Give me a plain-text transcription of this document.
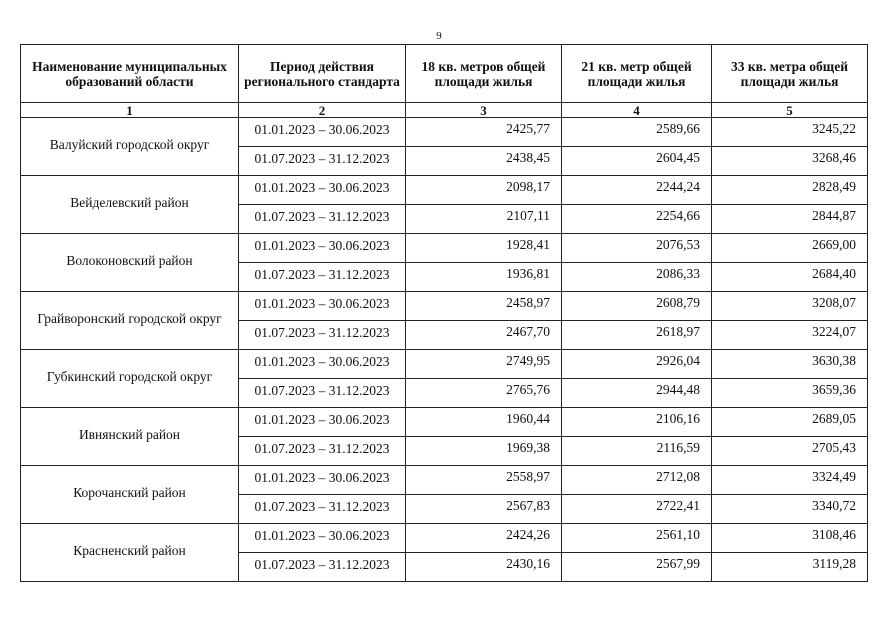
9
Наименование муниципальных образований области	Период действия регионального стандарта	18 кв. метров общей площади жилья	21 кв. метр общей площади жилья	33 кв. метра общей площади жилья
1	2	3	4	5
Валуйский городской округ	01.01.2023 – 30.06.2023	2425,77	2589,66	3245,22
	01.07.2023 – 31.12.2023	2438,45	2604,45	3268,46
Вейделевский район	01.01.2023 – 30.06.2023	2098,17	2244,24	2828,49
	01.07.2023 – 31.12.2023	2107,11	2254,66	2844,87
Волоконовский район	01.01.2023 – 30.06.2023	1928,41	2076,53	2669,00
	01.07.2023 – 31.12.2023	1936,81	2086,33	2684,40
Грайворонский городской округ	01.01.2023 – 30.06.2023	2458,97	2608,79	3208,07
	01.07.2023 – 31.12.2023	2467,70	2618,97	3224,07
Губкинский городской округ	01.01.2023 – 30.06.2023	2749,95	2926,04	3630,38
	01.07.2023 – 31.12.2023	2765,76	2944,48	3659,36
Ивнянский район	01.01.2023 – 30.06.2023	1960,44	2106,16	2689,05
	01.07.2023 – 31.12.2023	1969,38	2116,59	2705,43
Корочанский район	01.01.2023 – 30.06.2023	2558,97	2712,08	3324,49
	01.07.2023 – 31.12.2023	2567,83	2722,41	3340,72
Красненский район	01.01.2023 – 30.06.2023	2424,26	2561,10	3108,46
	01.07.2023 – 31.12.2023	2430,16	2567,99	3119,28
